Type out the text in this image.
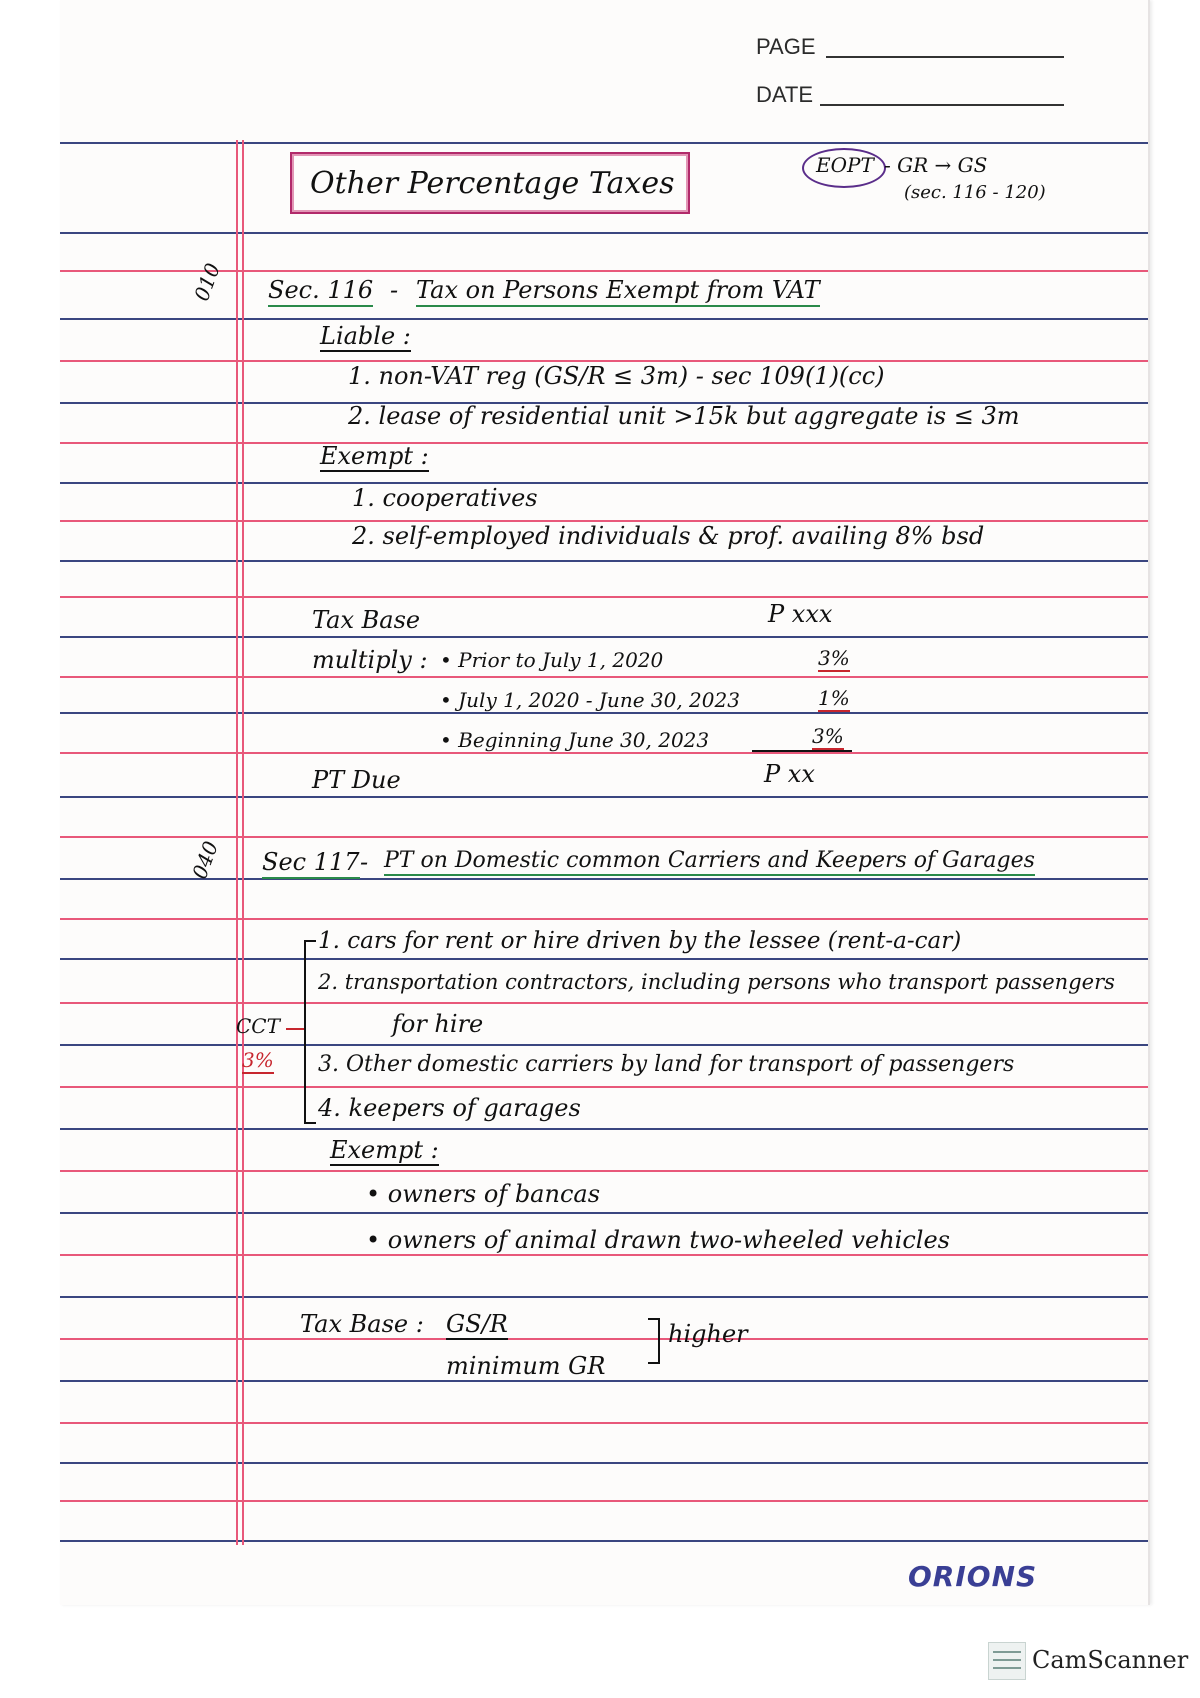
PAGE
DATE
Other Percentage Taxes
EOPT - GR → GS
(sec. 116 - 120)
010 Sec. 116 - Tax on Persons Exempt from VAT
Liable :
1. non-VAT reg (GS/R ≤ 3m) - sec 109(1)(cc)
2. lease of residential unit >15k but aggregate is ≤ 3m
Exempt :
1. cooperatives
2. self-employed individuals & prof. availing 8% bsd
Tax Base	P xxx
multiply : • Prior to July 1, 2020	3%
• July 1, 2020 - June 30, 2023	1%
• Beginning June 30, 2023	3%
PT Due	P xx
040 Sec 117 - PT on Domestic common Carriers and Keepers of Garages
CCT
3%
1. cars for rent or hire driven by the lessee (rent-a-car)
2. transportation contractors, including persons who transport passengers
for hire
3. Other domestic carriers by land for transport of passengers
4. keepers of garages
Exempt :
• owners of bancas
• owners of animal drawn two-wheeled vehicles
Tax Base : GS/R
minimum GR
higher
ORIONS
CamScanner
